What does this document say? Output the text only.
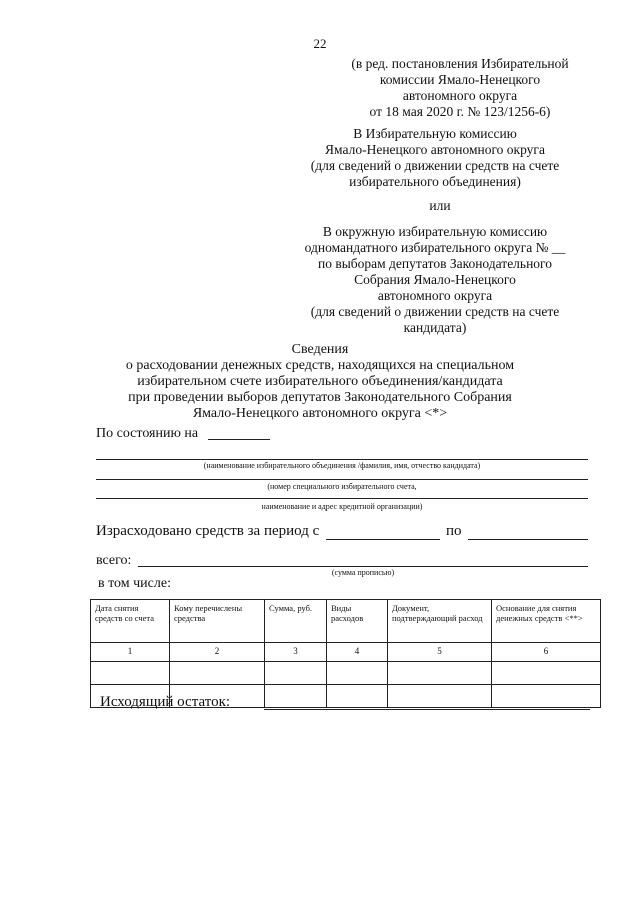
22
(в ред. постановления Избирательной
комиссии Ямало-Ненецкого
автономного округа
от 18 мая 2020 г. № 123/1256-6)
В Избирательную комиссию
Ямало-Ненецкого автономного округа
(для сведений о движении средств на счете
избирательного объединения)
или
В окружную избирательную комиссию
одномандатного избирательного округа № __
по выборам депутатов Законодательного
Собрания Ямало-Ненецкого
автономного округа
(для сведений о движении средств на счете
кандидата)
Сведения
о расходовании денежных средств, находящихся на специальном
избирательном счете избирательного объединения/кандидата
при проведении выборов депутатов Законодательного Собрания
Ямало-Ненецкого автономного округа <*>
По состоянию на
(наименование избирательного объединения /фамилия, имя, отчество кандидата)
(номер специального избирательного счета,
наименование и адрес кредитной организации)
Израсходовано средств за период с	по
всего:
(сумма прописью)
в том числе:
Дата снятия средств со счета	Кому перечислены средства	Сумма, руб.	Виды расходов	Документ, подтверждающий расход	Основание для снятия денежных средств <**>
1	2	3	4	5	6

Исходящий остаток:
